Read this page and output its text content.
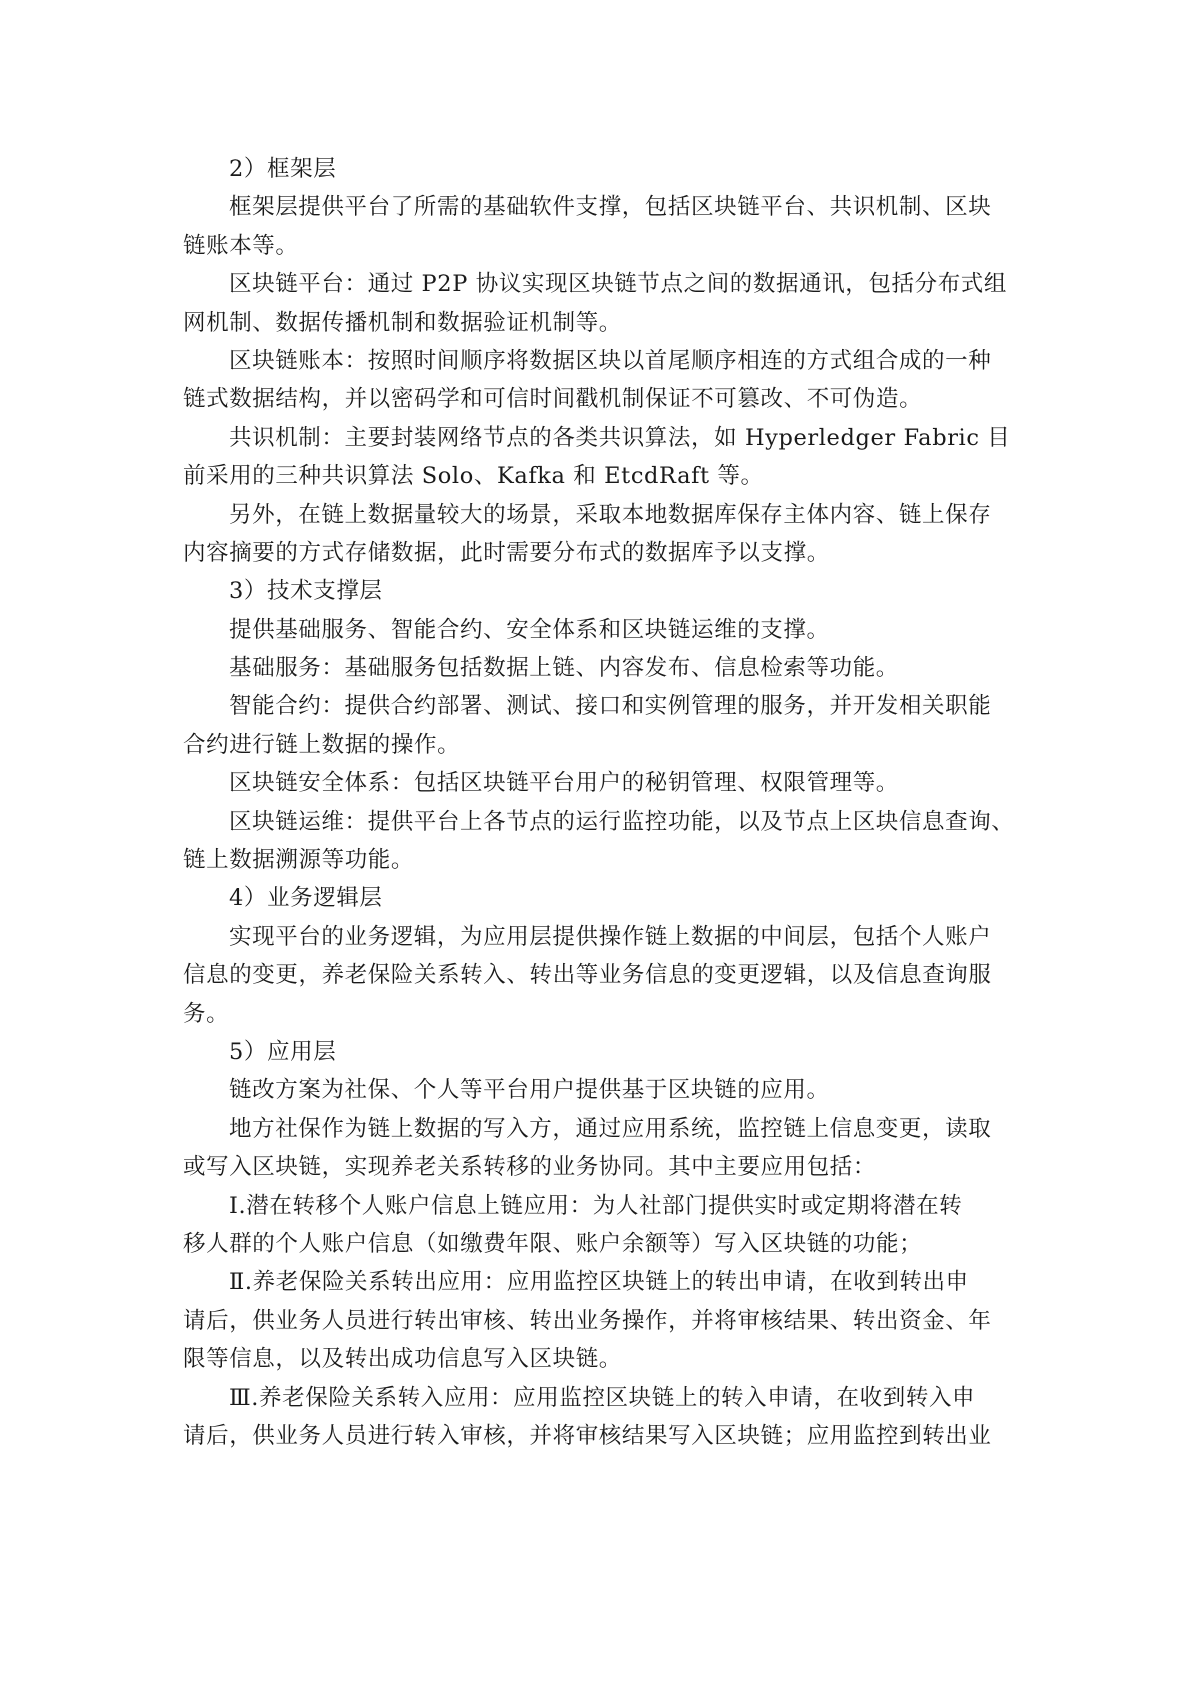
2）框架层
框架层提供平台了所需的基础软件支撑，包括区块链平台、共识机制、区块
链账本等。
区块链平台：通过 P2P 协议实现区块链节点之间的数据通讯，包括分布式组
网机制、数据传播机制和数据验证机制等。
区块链账本：按照时间顺序将数据区块以首尾顺序相连的方式组合成的一种
链式数据结构，并以密码学和可信时间戳机制保证不可篡改、不可伪造。
共识机制：主要封装网络节点的各类共识算法，如 Hyperledger Fabric 目
前采用的三种共识算法 Solo、Kafka 和 EtcdRaft 等。
另外，在链上数据量较大的场景，采取本地数据库保存主体内容、链上保存
内容摘要的方式存储数据，此时需要分布式的数据库予以支撑。
3）技术支撑层
提供基础服务、智能合约、安全体系和区块链运维的支撑。
基础服务：基础服务包括数据上链、内容发布、信息检索等功能。
智能合约：提供合约部署、测试、接口和实例管理的服务，并开发相关职能
合约进行链上数据的操作。
区块链安全体系：包括区块链平台用户的秘钥管理、权限管理等。
区块链运维：提供平台上各节点的运行监控功能，以及节点上区块信息查询、
链上数据溯源等功能。
4）业务逻辑层
实现平台的业务逻辑，为应用层提供操作链上数据的中间层，包括个人账户
信息的变更，养老保险关系转入、转出等业务信息的变更逻辑，以及信息查询服
务。
5）应用层
链改方案为社保、个人等平台用户提供基于区块链的应用。
地方社保作为链上数据的写入方，通过应用系统，监控链上信息变更，读取
或写入区块链，实现养老关系转移的业务协同。其中主要应用包括：
Ⅰ.潜在转移个人账户信息上链应用：为人社部门提供实时或定期将潜在转
移人群的个人账户信息（如缴费年限、账户余额等）写入区块链的功能；
Ⅱ.养老保险关系转出应用：应用监控区块链上的转出申请，在收到转出申
请后，供业务人员进行转出审核、转出业务操作，并将审核结果、转出资金、年
限等信息，以及转出成功信息写入区块链。
Ⅲ.养老保险关系转入应用：应用监控区块链上的转入申请，在收到转入申
请后，供业务人员进行转入审核，并将审核结果写入区块链；应用监控到转出业
